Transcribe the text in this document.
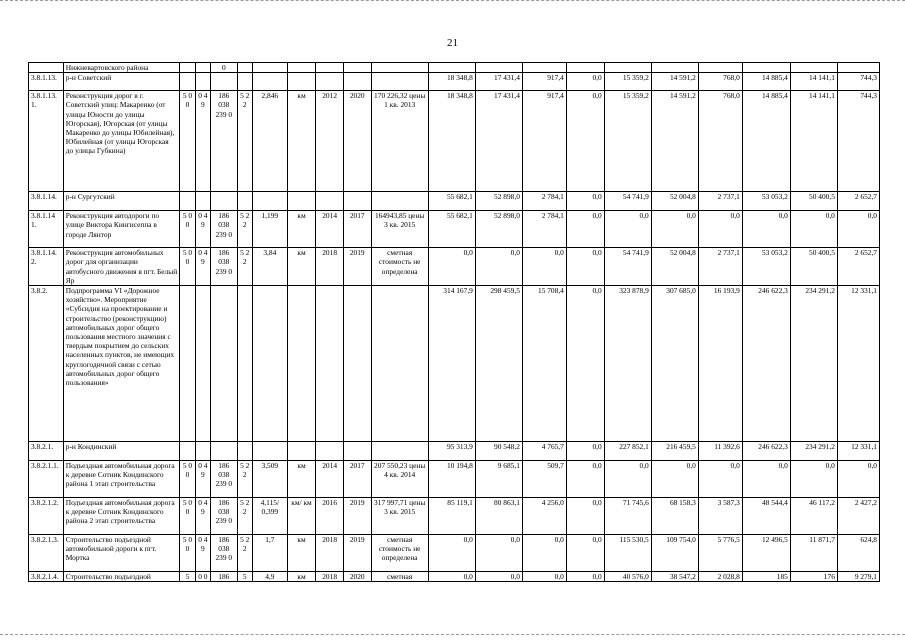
21
	Нижневартовского района			0																
3.8.1.13.	р-н Советский										18 348,8	17 431,4	917,4	0,0	15 359,2	14 591,2	768,0	14 885,4	14 141,1	744,3
3.8.1.13. 1.	Реконструкция дорог в г. Советский улиц: Макаренко (от улицы Юности до улицы Югорская), Югорская (от улицы Макаренко до улицы Юбилейная), Юбилейная (от улицы Югорская до улицы Губкина)	5 0 0	0 4 9	186 038 239 0	5 2 2	2,846	км	2012	2020	170 226,32 цены 1 кв. 2013	18 348,8	17 431,4	917,4	0,0	15 359,2	14 591,2	768,0	14 885,4	14 141,1	744,3
3.8.1.14.	р-н Сургутский										55 682,1	52 898,0	2 784,1	0,0	54 741,9	52 004,8	2 737,1	53 053,2	50 400,5	2 652,7
3.8.1.14 1.	Реконструкция автодороги по улице Виктора Кингисеппа в городе Лянтор	5 0 0	0 4 9	186 038 239 0	5 2 2	1,199	км	2014	2017	164943,85 цены 3 кв. 2015	55 682,1	52 898,0	2 784,1	0,0	0,0	0,0	0,0	0,0	0,0	0,0
3.8.1.14. 2.	Реконструкция автомобильных дорог для организации автобусного движения в пгт. Белый Яр	5 0 0	0 4 9	186 038 239 0	5 2 2	3,84	км	2018	2019	сметная стоимость не определена	0,0	0,0	0,0	0,0	54 741,9	52 004,8	2 737,1	53 053,2	50 400,5	2 652,7
3.8.2.	Подпрограмма VI «Дорожное хозяйство». Мероприятие «Субсидия на проектирование и строительство (реконструкцию) автомобильных дорог общего пользования местного значения с твердым покрытием до сельских населенных пунктов, не имеющих круглогодичной связи с сетью автомобильных дорог общего пользования»										314 167,9	298 459,5	15 708,4	0,0	323 878,9	307 685,0	16 193,9	246 622,3	234 291,2	12 331,1
3.8.2.1.	р-н Кондинский										95 313,9	90 548,2	4 765,7	0,0	227 852,1	216 459,5	11 392,6	246 622,3	234 291,2	12 331,1
3.8.2.1.1.	Подъездная автомобильная дорога к деревне Сотник Кондинского района 1 этап строительства	5 0 0	0 4 9	186 038 239 0	5 2 2	3,509	км	2014	2017	207 550,23 цены 4 кв. 2014	10 194,8	9 685,1	509,7	0,0	0,0	0,0	0,0	0,0	0,0	0,0
3.8.2.1.2.	Подъездная автомобильная дорога к деревне Сотник Кондинского района 2 этап строительства	5 0 0	0 4 9	186 038 239 0	5 2 2	4,115/ 0,399	км/ км	2016	2019	317 997,71 цены 3 кв. 2015	85 119,1	80 863,1	4 256,0	0,0	71 745,6	68 158,3	3 587,3	48 544,4	46 117,2	2 427,2
3.8.2.1.3.	Строительство подъездной автомобильной дороги к пгт. Мортка	5 0 0	0 4 9	186 038 239 0	5 2 2	1,7	км	2018	2019	сметная стоимость не определена	0,0	0,0	0,0	0,0	115 530,5	109 754,0	5 776,5	12 496,5	11 871,7	624,8
3.8.2.1.4.	Строительство подъездной	5	0 0	186	5	4,9	км	2018	2020	сметная	0,0	0,0	0,0	0,0	40 576,0	38 547,2	2 028,8	185	176	9 279,1
